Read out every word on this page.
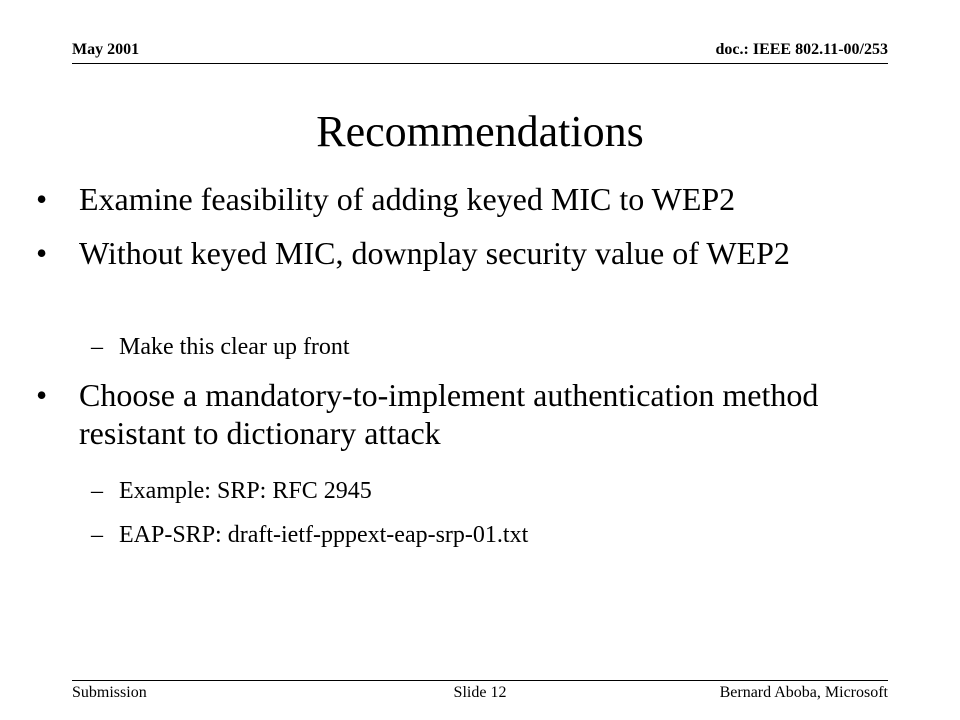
May 2001	doc.: IEEE 802.11-00/253
Recommendations
• Examine feasibility of adding keyed MIC to WEP2
• Without keyed MIC, downplay security value of WEP2
– Make this clear up front
• Choose a mandatory-to-implement authentication method resistant to dictionary attack
– Example: SRP: RFC 2945
– EAP-SRP: draft-ietf-pppext-eap-srp-01.txt
Submission	Slide 12	Bernard Aboba, Microsoft
